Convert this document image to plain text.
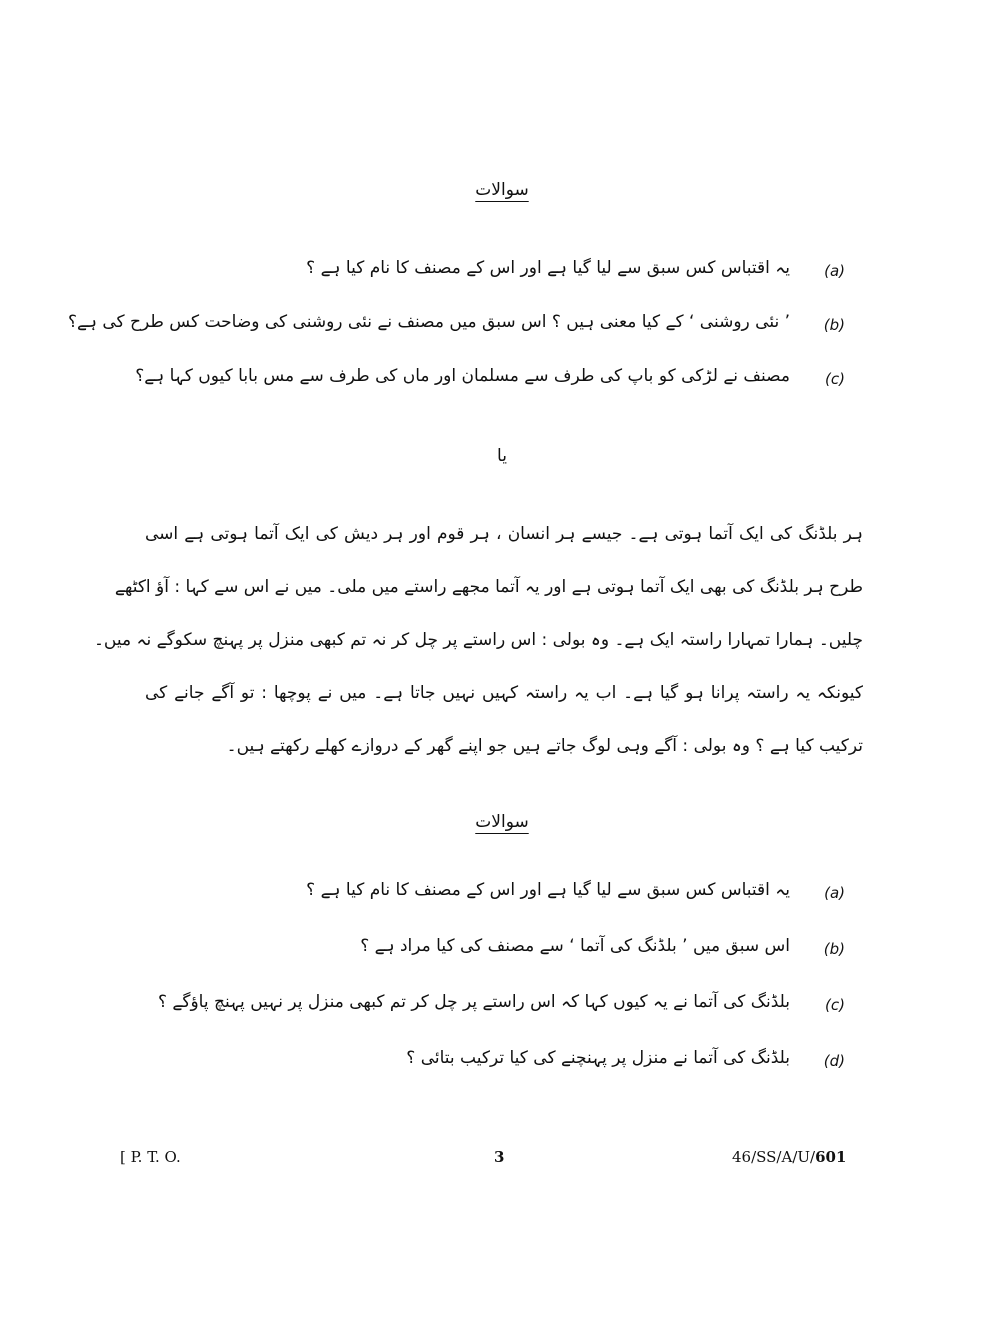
سوالات
(a)
یہ اقتباس کس سبق سے لیا گیا ہے اور اس کے مصنف کا نام کیا ہے ؟
(b)
’ نئی روشنی ‘ کے کیا معنی ہیں ؟ اس سبق میں مصنف نے نئی روشنی کی وضاحت کس طرح کی ہے؟
(c)
مصنف نے لڑکی کو باپ کی طرف سے مسلمان اور ماں کی طرف سے مس بابا کیوں کہا ہے؟
یا
ہر بلڈنگ کی ایک آتما ہوتی ہے۔ جیسے ہر انسان ، ہر قوم اور ہر دیش کی ایک آتما ہوتی ہے اسی
طرح ہر بلڈنگ کی بھی ایک آتما ہوتی ہے اور یہ آتما مجھے راستے میں ملی۔ میں نے اس سے کہا : آؤ اکٹھے
چلیں۔ ہمارا تمہارا راستہ ایک ہے۔ وہ بولی : اس راستے پر چل کر نہ تم کبھی منزل پر پہنچ سکوگے نہ میں۔
کیونکہ یہ راستہ پرانا ہو گیا ہے۔ اب یہ راستہ کہیں نہیں جاتا ہے۔ میں نے پوچھا : تو آگے جانے کی
ترکیب کیا ہے ؟ وہ بولی : آگے وہی لوگ جاتے ہیں جو اپنے گھر کے دروازے کھلے رکھتے ہیں۔
سوالات
(a)
یہ اقتباس کس سبق سے لیا گیا ہے اور اس کے مصنف کا نام کیا ہے ؟
(b)
اس سبق میں ’ بلڈنگ کی آتما ‘ سے مصنف کی کیا مراد ہے ؟
(c)
بلڈنگ کی آتما نے یہ کیوں کہا کہ اس راستے پر چل کر تم کبھی منزل پر نہیں پہنچ پاؤگے ؟
(d)
بلڈنگ کی آتما نے منزل پر پہنچنے کی کیا ترکیب بتائی ؟
[ P. T. O.	3	46/SS/A/U/601
